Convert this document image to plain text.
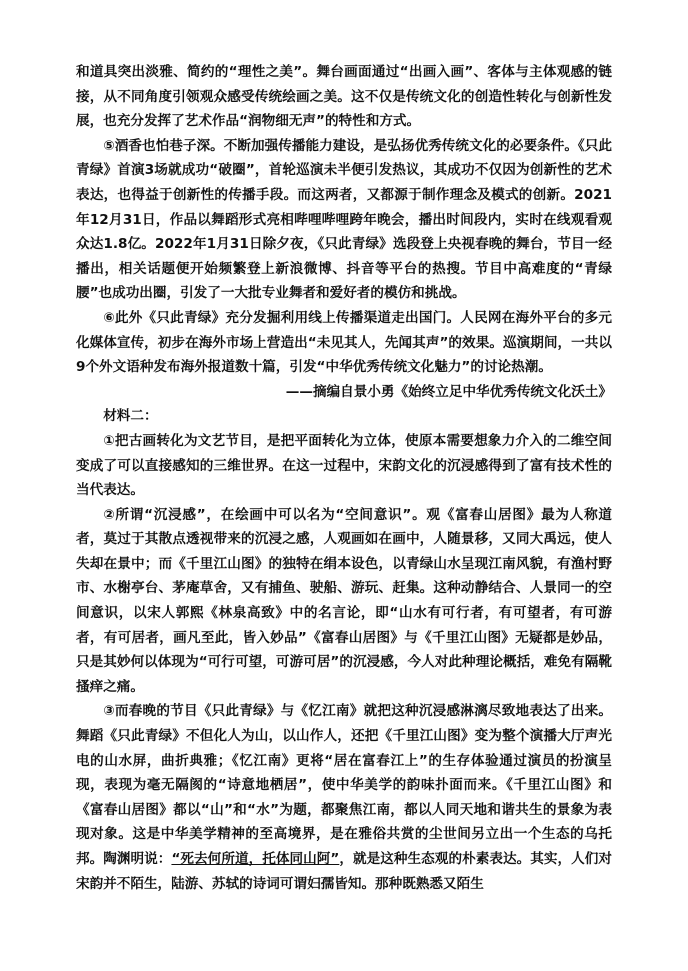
和道具突出淡雅、简约的“理性之美”。舞台画面通过“出画入画”、客体与主体观感的链接，从不同角度引领观众感受传统绘画之美。这不仅是传统文化的创造性转化与创新性发展，也充分发挥了艺术作品“润物细无声”的特性和方式。

⑤酒香也怕巷子深。不断加强传播能力建设，是弘扬优秀传统文化的必要条件。《只此青绿》首演3场就成功“破圈”，首轮巡演未半便引发热议，其成功不仅因为创新性的艺术表达，也得益于创新性的传播手段。而这两者，又都源于制作理念及模式的创新。2021年12月31日，作品以舞蹈形式亮相哔哩哔哩跨年晚会，播出时间段内，实时在线观看观众达1.8亿。2022年1月31日除夕夜，《只此青绿》选段登上央视春晚的舞台，节目一经播出，相关话题便开始频繁登上新浪微博、抖音等平台的热搜。节目中高难度的“青绿腰”也成功出圈，引发了一大批专业舞者和爱好者的模仿和挑战。

⑥此外《只此青绿》充分发掘利用线上传播渠道走出国门。人民网在海外平台的多元化媒体宣传，初步在海外市场上营造出“未见其人，先闻其声”的效果。巡演期间，一共以9个外文语种发布海外报道数十篇，引发“中华优秀传统文化魅力”的讨论热潮。

——摘编自景小勇《始终立足中华优秀传统文化沃土》

材料二：

①把古画转化为文艺节目，是把平面转化为立体，使原本需要想象力介入的二维空间变成了可以直接感知的三维世界。在这一过程中，宋韵文化的沉浸感得到了富有技术性的当代表达。

②所谓“沉浸感”，在绘画中可以名为“空间意识”。观《富春山居图》最为人称道者，莫过于其散点透视带来的沉浸之感，人观画如在画中，人随景移，又同大禹远，使人失却在景中；而《千里江山图》的独特在绢本设色，以青绿山水呈现江南风貌，有渔村野市、水榭亭台、茅庵草舍，又有捕鱼、驶船、游玩、赶集。这种动静结合、人景同一的空间意识，以宋人郭熙《林泉高致》中的名言论，即“山水有可行者，有可望者，有可游者，有可居者，画凡至此，皆入妙品”《富春山居图》与《千里江山图》无疑都是妙品，只是其妙何以体现为“可行可望，可游可居”的沉浸感，今人对此种理论概括，难免有隔靴搔痒之痛。

③而春晚的节目《只此青绿》与《忆江南》就把这种沉浸感淋漓尽致地表达了出来。舞蹈《只此青绿》不但化人为山，以山作人，还把《千里江山图》变为整个演播大厅声光电的山水屏，曲折典雅；《忆江南》更将“居在富春江上”的生存体验通过演员的扮演呈现，表现为毫无隔阂的“诗意地栖居”，使中华美学的韵味扑面而来。《千里江山图》和《富春山居图》都以“山”和“水”为题，都聚焦江南，都以人同天地和谐共生的景象为表现对象。这是中华美学精神的至高境界，是在雅俗共赏的尘世间另立出一个生态的乌托邦。陶渊明说：“死去何所道，托体同山阿”，就是这种生态观的朴素表达。其实，人们对宋韵并不陌生，陆游、苏轼的诗词可谓妇孺皆知。那种既熟悉又陌生
